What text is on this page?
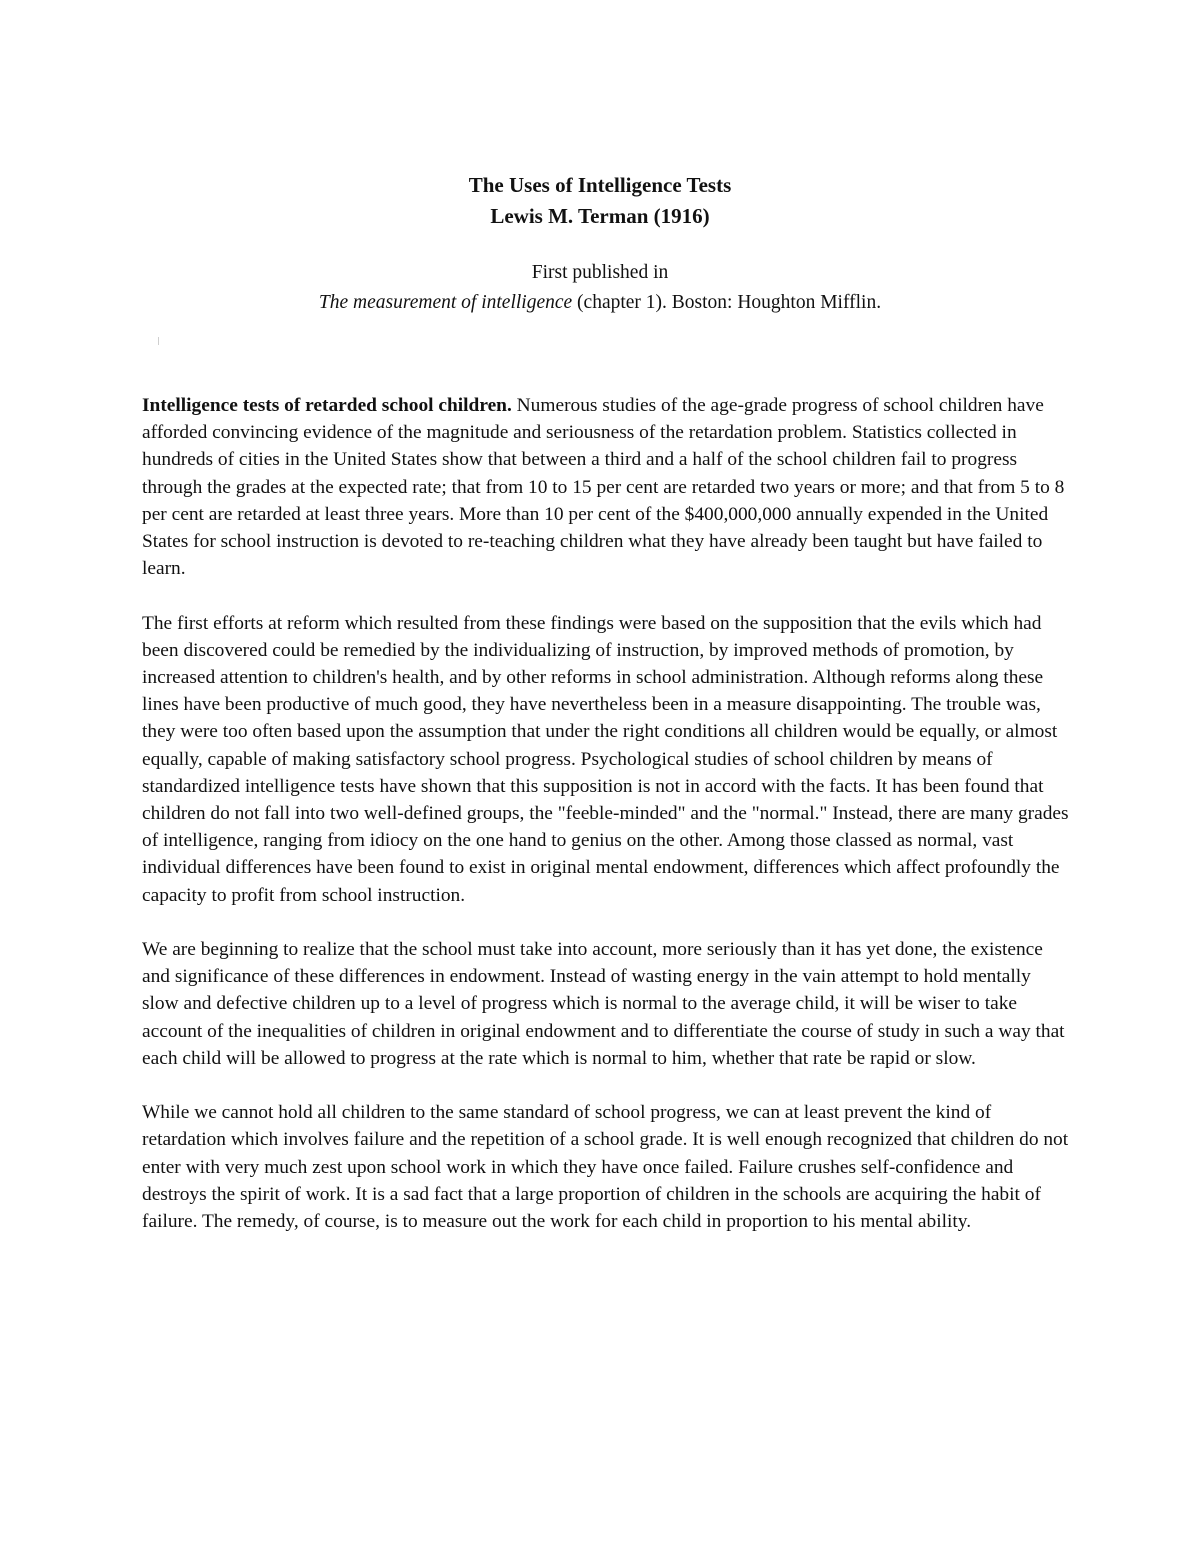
The Uses of Intelligence Tests
Lewis M. Terman (1916)
First published in
The measurement of intelligence (chapter 1). Boston: Houghton Mifflin.

Intelligence tests of retarded school children. Numerous studies of the age-grade progress of school children have afforded convincing evidence of the magnitude and seriousness of the retardation problem. Statistics collected in hundreds of cities in the United States show that between a third and a half of the school children fail to progress through the grades at the expected rate; that from 10 to 15 per cent are retarded two years or more; and that from 5 to 8 per cent are retarded at least three years. More than 10 per cent of the $400,000,000 annually expended in the United States for school instruction is devoted to re-teaching children what they have already been taught but have failed to learn.

The first efforts at reform which resulted from these findings were based on the supposition that the evils which had been discovered could be remedied by the individualizing of instruction, by improved methods of promotion, by increased attention to children's health, and by other reforms in school administration. Although reforms along these lines have been productive of much good, they have nevertheless been in a measure disappointing. The trouble was, they were too often based upon the assumption that under the right conditions all children would be equally, or almost equally, capable of making satisfactory school progress. Psychological studies of school children by means of standardized intelligence tests have shown that this supposition is not in accord with the facts. It has been found that children do not fall into two well-defined groups, the "feeble-minded" and the "normal." Instead, there are many grades of intelligence, ranging from idiocy on the one hand to genius on the other. Among those classed as normal, vast individual differences have been found to exist in original mental endowment, differences which affect profoundly the capacity to profit from school instruction.

We are beginning to realize that the school must take into account, more seriously than it has yet done, the existence and significance of these differences in endowment. Instead of wasting energy in the vain attempt to hold mentally slow and defective children up to a level of progress which is normal to the average child, it will be wiser to take account of the inequalities of children in original endowment and to differentiate the course of study in such a way that each child will be allowed to progress at the rate which is normal to him, whether that rate be rapid or slow.

While we cannot hold all children to the same standard of school progress, we can at least prevent the kind of retardation which involves failure and the repetition of a school grade. It is well enough recognized that children do not enter with very much zest upon school work in which they have once failed. Failure crushes self-confidence and destroys the spirit of work. It is a sad fact that a large proportion of children in the schools are acquiring the habit of failure. The remedy, of course, is to measure out the work for each child in proportion to his mental ability.
